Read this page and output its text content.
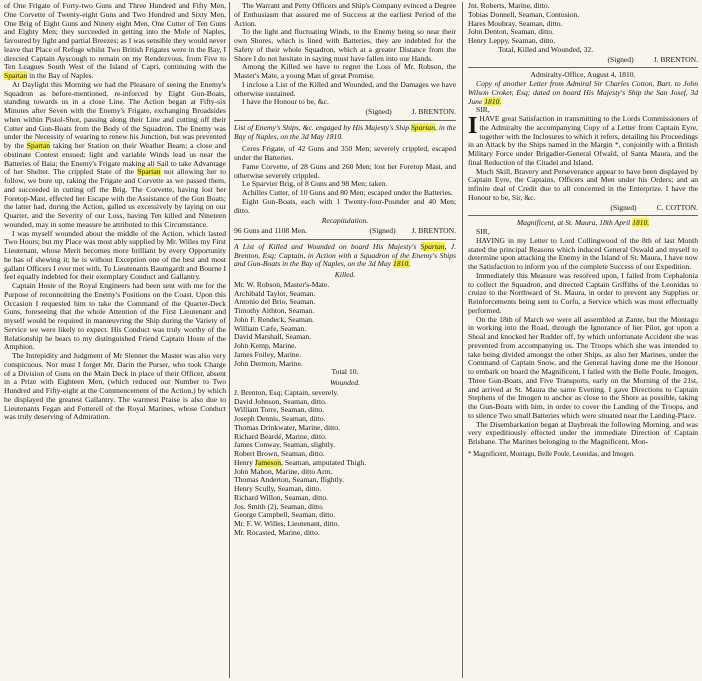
of One Frigate of Forty-two Guns and Three Hundred and Fifty Men, One Corvette of Twenty-eight Guns and Two Hundred and Sixty Men, One Brig of Eight Guns and Ninety eight Men, One Cutter of Ten Guns and Eighty Men; they succeeded in getting into the Mole of Naples, favoured by light and partial Breezes; as I was sensible they would never leave that Place of Refuge whilst Two British Frigates were in the Bay, I directed Captain Ayscough to remain on my Rendezvous, from Five to Ten Leagues South West of the Island of Capri, continuing with the Spartan in the Bay of Naples.

At Daylight this Morning we had the Pleasure of seeing the Enemy's Squadron as before-mentioned, re-inforced by Eight Gun-Boats, standing towards us in a close Line. The Action began at Fifty-six Minutes after Seven with the Enemy's Frigate, exchanging Broadsides when within Pistol-Shot, passing along their Line and cutting off their Cutter and Gun-Boats from the Body of the Squadron. The Enemy was under the Necessity of wearing to renew his Junction, but was prevented by the Spartan taking her Station on their Weather Beam; a close and obstinate Contest ensued; light and variable Winds lead us near the Batteries of Baia; the Enemy's Frigate making all Sail to take Advantage of her Shelter. The crippled State of the Spartan not allowing her to follow, we bore up, raking the Frigate and Corvette as we passed them, and succeeded in cutting off the Brig. The Corvette, having lost her Foretop-Mast, effected her Escape with the Assistance of the Gun Boats; the latter had, during the Action, galled us excessively by laying on our Quarter, and the Severity of our Loss, having Ten killed and Nineteen wounded, may in some measure be attributed to this Circumstance.

I was myself wounded about the middle of the Action, which lasted Two Hours; but my Place was most ably supplied by Mr. Willes my First Lieutenant, whose Merit becomes more brilliant by every Opportunity he has of shewing it; he is without Exception one of the best and most gallant Officers I ever met with. To Lieutenants Baumgardt and Bourne I feel equally indebted for their exemplary Conduct and Gallantry.

Captain Hoste of the Royal Engineers had been sent with me for the Purpose of reconnoitring the Enemy's Positions on the Coast. Upon this Occasion I requested him to take the Command of the Quarter-Deck Guns, foreseeing that the whole Attention of the First Lieutenant and myself would be required in manœuvring the Ship during the Variety of Service we were likely to expect. His Conduct was truly worthy of the Relationship he bears to my distinguished Friend Captain Hoste of the Amphion.

The Intrepidity and Judgment of Mr Slenner the Master was also very conspicuous. Nor must I forget Mr. Darin the Purser, who took Charge of a Division of Guns on the Main Deck in place of their Officer, absent in a Prize with Eighteen Men, (which reduced our Number to Two Hundred and Fifty-eight at the Commencement of the Action,) by which he displayed the greatest Gallantry. The warmest Praise is also due to Lieutenants Fegan and Fotterell of the Royal Marines, whose Conduct was truly deserving of Admiration.

The Warrant and Petty Officers and Ship's Company evinced a Degree of Enthusiasm that assured me of Success at the earliest Period of the Action.

To the light and fluctuating Winds, to the Enemy being so near their own Shores, which is lined with Batteries, they are indebted for the Safety of their whole Squadron, which at a greater Distance from the Shore I do not hesitate in saying must have fallen into our Hands.

Among the Killed we have to regret the Loss of Mr. Robson, the Master's Mate, a young Man of great Promise.

I inclose a List of the Killed and Wounded, and the Damages we have otherwise sustained.

I have the Honour to be, &c.

(Signed)	J. BRENTON.

List of Enemy's Ships, &c. engaged by His Majesty's Ship Spartan, in the Bay of Naples, on the 3d May 1810.

Ceres Frigate, of 42 Guns and 350 Men; severely crippled, escaped under the Batteries.

Fame Corvette, of 28 Guns and 260 Men; lost her Foretop Mast, and otherwise severely crippled.

Le Sparvier Brig, of 8 Guns and 98 Men; taken.

Achilles Cutter, of 10 Guns and 80 Men; escaped under the Batteries.

Eight Gun-Boats, each with 1 Twenty-four-Pounder and 40 Men; ditto.

Recapitulation.

96 Guns and 1108 Men.	(Signed) J. BRENTON.

A List of Killed and Wounded on board His Majesty's Spartan, J. Brenton, Esq; Captain, in Action with a Squadron of the Enemy's Ships and Gun-Boats in the Bay of Naples, on the 3d May 1810.

Killed.
Mr. W. Robson, Master's-Mate.
Archibald Taylor, Seaman.
Antonio del Brio, Seaman.
Timothy Aithton, Seaman.
John F. Rendeck, Seaman.
William Cæfe, Seaman.
David Marshall, Seaman.
John Kemp, Marine.
James Foiley, Marine.
John Dermon, Marine.
Total 10.
Wounded.
J. Brenton, Esq; Captain, severely.
David Johnson, Seaman, ditto.
William Torre, Seaman, ditto.
Joseph Dennis, Seaman, ditto.
Thomas Drinkwater, Marine, ditto.
Richard Beardé, Marine, ditto.
James Conway, Seaman, slightly.
Robert Brown, Seaman, ditto.
Henry Jameson, Seaman, amputated Thigh.
John Mahon, Marine, ditto Arm.
Thomas Anderton, Seaman, flightly.
Henry Scully, Seaman, ditto.
Richard Willon, Seaman, ditto.
Jos. Smith (2), Seaman, ditto.
George Campbell, Seaman, ditto.
Mr. F. W. Willes, Lieutenant, ditto.
Mr. Rocasted, Marine, ditto.
Jnt. Roberts, Marine, ditto.
Tobias Donnell, Seaman, Contusion.
Hares Moubray, Seaman, ditto.
John Denton, Seaman, ditto.
Henry Leppy, Seaman, ditto.
Total, Killed and Wounded, 32.
(Signed)	J. BRENTON.
Admiralty-Office, August 4, 1810.

Copy of another Letter from Admiral Sir Charles Cotton, Bart. to John Wilson Croker, Esq; dated on board His Majesty's Ship the San Josef, 3d June 1810.

SIR,

IHAVE great Satisfaction in transmitting to the Lords Commissioners of the Admiralty the accompanying Copy of a Letter from Captain Eyre, together with the Inclosures to which it refers, detailing his Proceedings in an Attack by the Ships named in the Margin *, conjointly with a British Military Force under Brigadier-General Ofwald, of Santa Maura, and the final Reduction of the Citadel and Island.

Much Skill, Bravery and Perseverance appear to have been displayed by Captain Eyre, the Captains, Officers and Men under his Orders; and an infinite deal of Credit due to all concerned in the Enterprize. I have the Honour to be, Sir, &c.

(Signed)	C. COTTON.
Magnificent, at St. Maura, 18th April 1810.
SIR,

HAVING in my Letter to Lord Collingwood of the 8th of last Month stated the principal Reasons which induced General Oswald and myself to determine upon attacking the Enemy in the Island of St. Maura, I have now the Satisfaction to inform you of the complete Success of our Expedition.

Immediately this Measure was resolved upon, I failed from Cephalonia to collect the Squadron, and directed Captain Griffiths of the Leonidas to cruize to the Northward of St. Maura, in order to prevent any Supplies or Reinforcements being sent to Corfu, a Service which was most effectually performed.

On the 18th of March we were all assembled at Zante, but the Montagu in working into the Road, through the Ignorance of her Pilot, got upon a Shoal and knocked her Rudder off, by which unfortunate Accident she was prevented from accompanying us. The Troops which she was intended to take being divided amongst the other Ships, as also her Marines, under the Command of Captain Snow, and the General having done me the Honour to embark on board the Magnificent, I failed with the Belle Poule, Imogen, Three Gun-Boats, and Five Transports, early on the Morning of the 21st, and arrived at St. Maura the same Evening. I gave Directions to Captain Stephens of the Imogen to anchor as close to the Shore as possible, taking the Gun-Boats with him, in order to cover the Landing of the Troops, and to silence Two small Batteries which were situated near the Landing-Place.

The Disembarkation began at Daybreak the following Morning, and was very expeditiously effected under the immediate Direction of Captain Brisbane. The Marines belonging to the Magnificent, Mon-

* Magnificent, Montagu, Belle Poule, Leonidas, and Imogen.
